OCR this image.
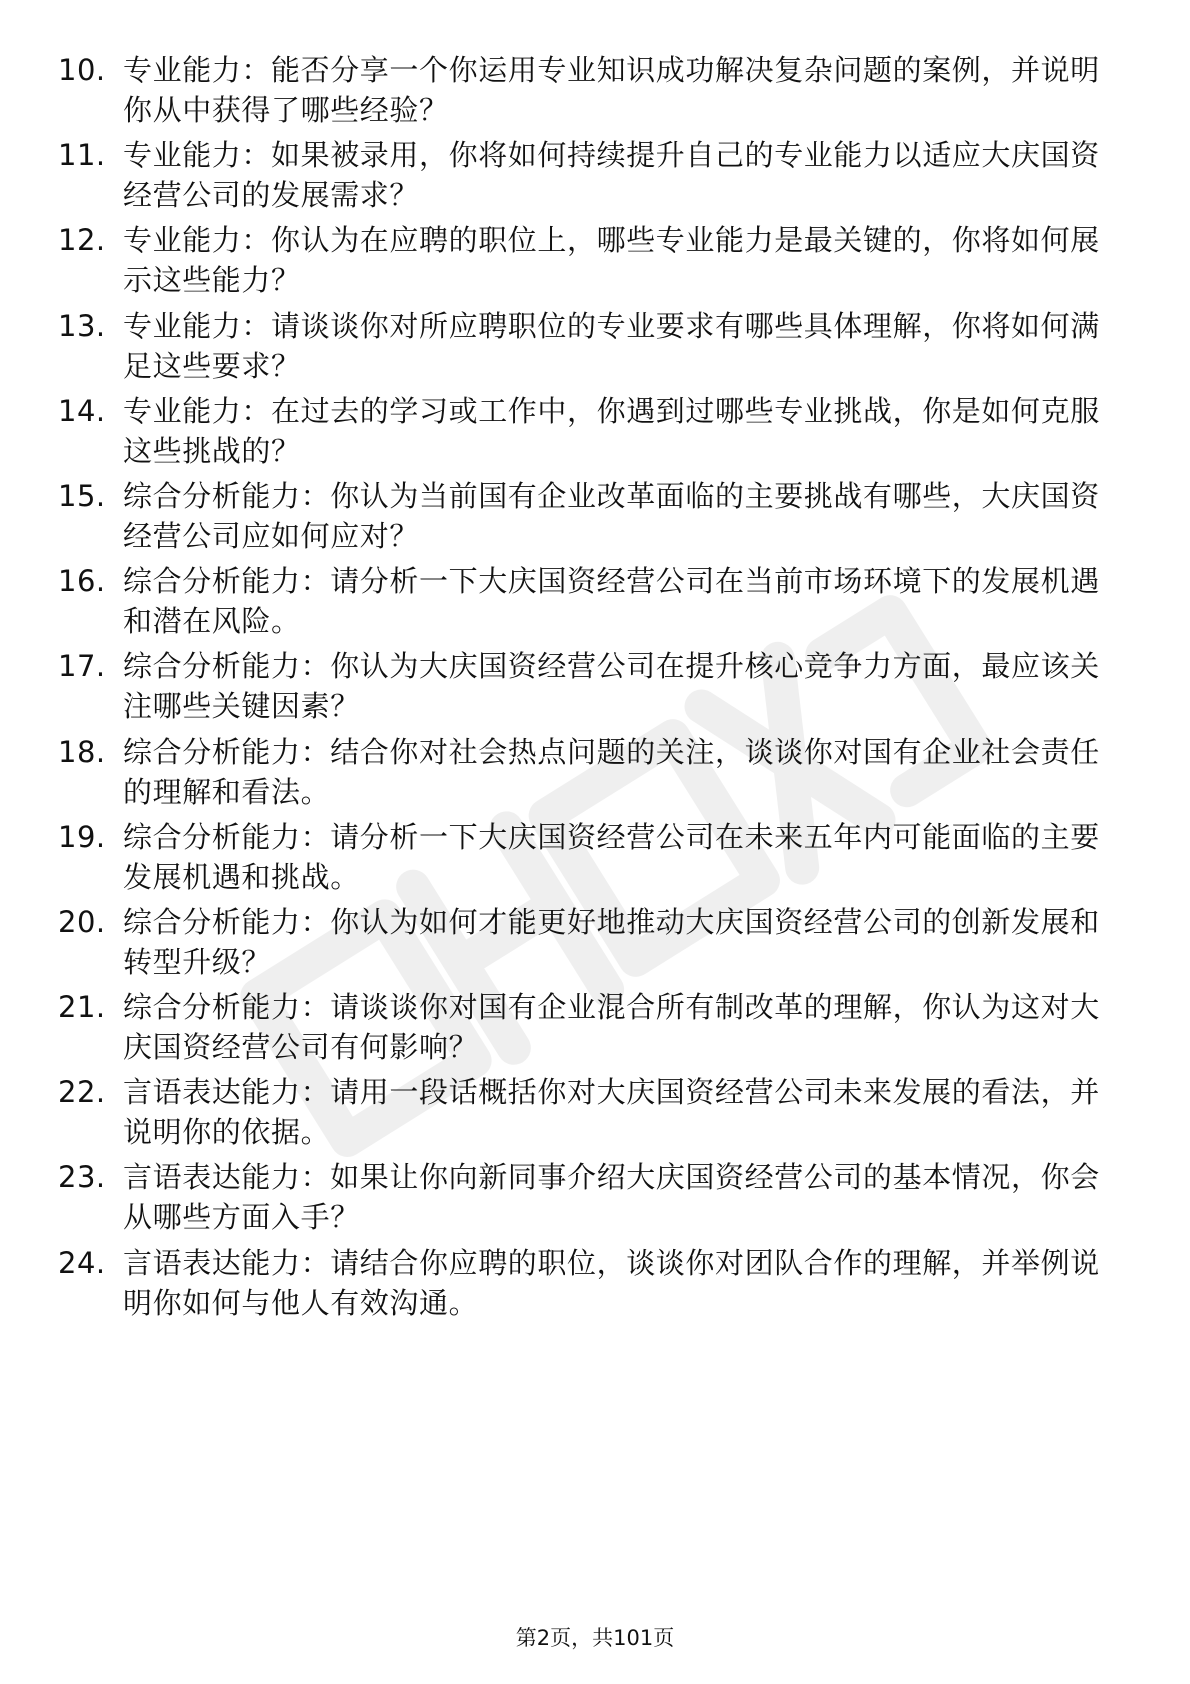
10. 专业能力：能否分享一个你运用专业知识成功解决复杂问题的案例，并说明你从中获得了哪些经验？
11. 专业能力：如果被录用，你将如何持续提升自己的专业能力以适应大庆国资经营公司的发展需求？
12. 专业能力：你认为在应聘的职位上，哪些专业能力是最关键的，你将如何展示这些能力？
13. 专业能力：请谈谈你对所应聘职位的专业要求有哪些具体理解，你将如何满足这些要求？
14. 专业能力：在过去的学习或工作中，你遇到过哪些专业挑战，你是如何克服这些挑战的？
15. 综合分析能力：你认为当前国有企业改革面临的主要挑战有哪些，大庆国资经营公司应如何应对？
16. 综合分析能力：请分析一下大庆国资经营公司在当前市场环境下的发展机遇和潜在风险。
17. 综合分析能力：你认为大庆国资经营公司在提升核心竞争力方面，最应该关注哪些关键因素？
18. 综合分析能力：结合你对社会热点问题的关注，谈谈你对国有企业社会责任的理解和看法。
19. 综合分析能力：请分析一下大庆国资经营公司在未来五年内可能面临的主要发展机遇和挑战。
20. 综合分析能力：你认为如何才能更好地推动大庆国资经营公司的创新发展和转型升级？
21. 综合分析能力：请谈谈你对国有企业混合所有制改革的理解，你认为这对大庆国资经营公司有何影响？
22. 言语表达能力：请用一段话概括你对大庆国资经营公司未来发展的看法，并说明你的依据。
23. 言语表达能力：如果让你向新同事介绍大庆国资经营公司的基本情况，你会从哪些方面入手？
24. 言语表达能力：请结合你应聘的职位，谈谈你对团队合作的理解，并举例说明你如何与他人有效沟通。
第2页，共101页
